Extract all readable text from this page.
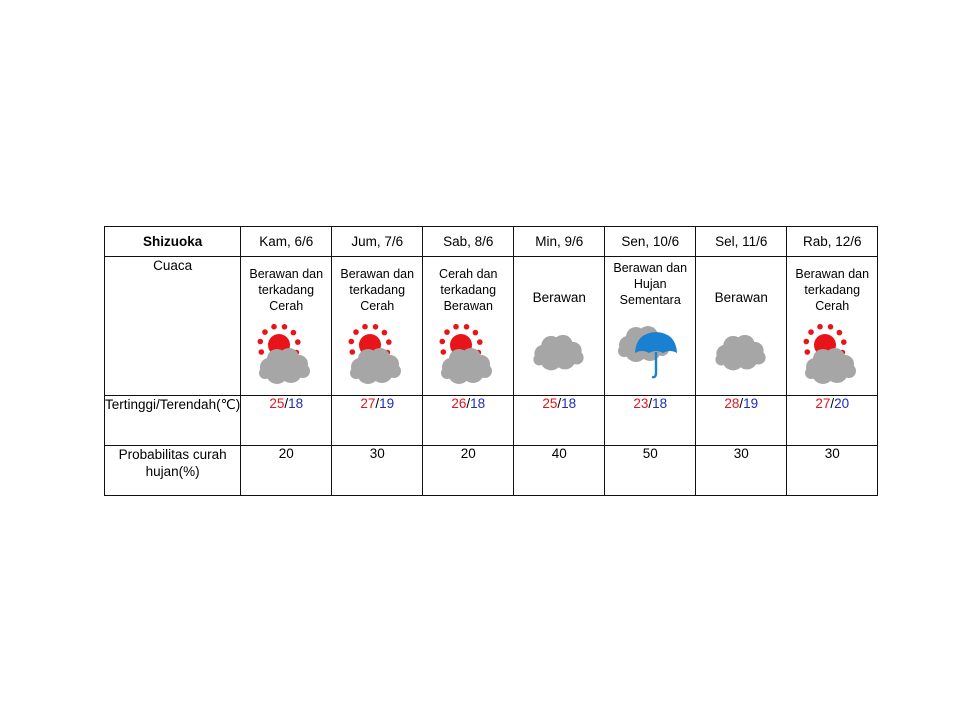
Shizuoka	Kam, 6/6	Jum, 7/6	Sab, 8/6	Min, 9/6	Sen, 10/6	Sel, 11/6	Rab, 12/6
Cuaca	Berawan dan terkadang Cerah	Berawan dan terkadang Cerah	Cerah dan terkadang Berawan	Berawan	Berawan dan Hujan Sementara	Berawan	Berawan dan terkadang Cerah

Tertinggi/Terendah(℃)	25/18	27/19	26/18	25/18	23/18	28/19	27/20
Probabilitas curah hujan(%)	20	30	20	40	50	30	30
